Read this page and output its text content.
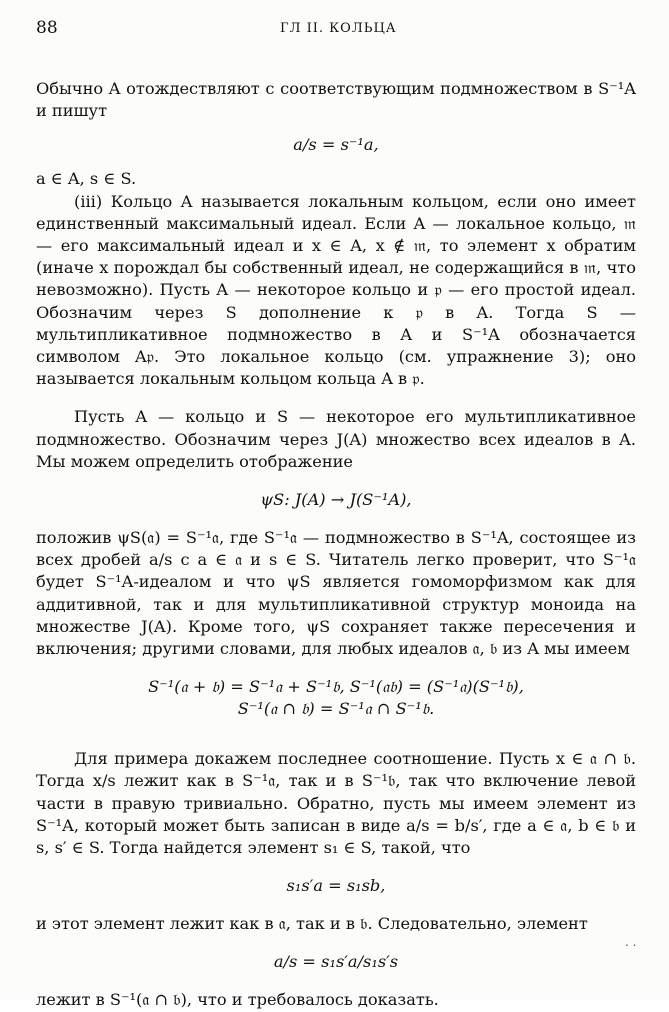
88	ГЛ II. КОЛЬЦА

Обычно A отождествляют с соответствующим подмножеством в S⁻¹A и пишут

a/s = s⁻¹a,

a ∈ A, s ∈ S.

(iii) Кольцо A называется локальным кольцом, если оно имеет единственный максимальный идеал. Если A — локальное кольцо, 𝔪 — его максимальный идеал и x ∈ A, x ∉ 𝔪, то элемент x обратим (иначе x порождал бы собственный идеал, не содержащийся в 𝔪, что невозможно). Пусть A — некоторое кольцо и 𝔭 — его простой идеал. Обозначим через S дополнение к 𝔭 в A. Тогда S — мультипликативное подмножество в A и S⁻¹A обозначается символом A𝔭. Это локальное кольцо (см. упражнение 3); оно называется локальным кольцом кольца A в 𝔭.

Пусть A — кольцо и S — некоторое его мультипликативное подмножество. Обозначим через J(A) множество всех идеалов в A. Мы можем определить отображение

ψS: J(A) → J(S⁻¹A),

положив ψS(𝔞) = S⁻¹𝔞, где S⁻¹𝔞 — подмножество в S⁻¹A, состоящее из всех дробей a/s с a ∈ 𝔞 и s ∈ S. Читатель легко проверит, что S⁻¹𝔞 будет S⁻¹A-идеалом и что ψS является гомоморфизмом как для аддитивной, так и для мультипликативной структур моноида на множестве J(A). Кроме того, ψS сохраняет также пересечения и включения; другими словами, для любых идеалов 𝔞, 𝔟 из A мы имеем

S⁻¹(𝔞 + 𝔟) = S⁻¹𝔞 + S⁻¹𝔟, S⁻¹(𝔞𝔟) = (S⁻¹𝔞)(S⁻¹𝔟),

S⁻¹(𝔞 ∩ 𝔟) = S⁻¹𝔞 ∩ S⁻¹𝔟.

Для примера докажем последнее соотношение. Пусть x ∈ 𝔞 ∩ 𝔟. Тогда x/s лежит как в S⁻¹𝔞, так и в S⁻¹𝔟, так что включение левой части в правую тривиально. Обратно, пусть мы имеем элемент из S⁻¹A, который может быть записан в виде a/s = b/s′, где a ∈ 𝔞, b ∈ 𝔟 и s, s′ ∈ S. Тогда найдется элемент s₁ ∈ S, такой, что

s₁s′a = s₁sb,

и этот элемент лежит как в 𝔞, так и в 𝔟. Следовательно, элемент

a/s = s₁s′a/s₁s′s

лежит в S⁻¹(𝔞 ∩ 𝔟), что и требовалось доказать.

. .
